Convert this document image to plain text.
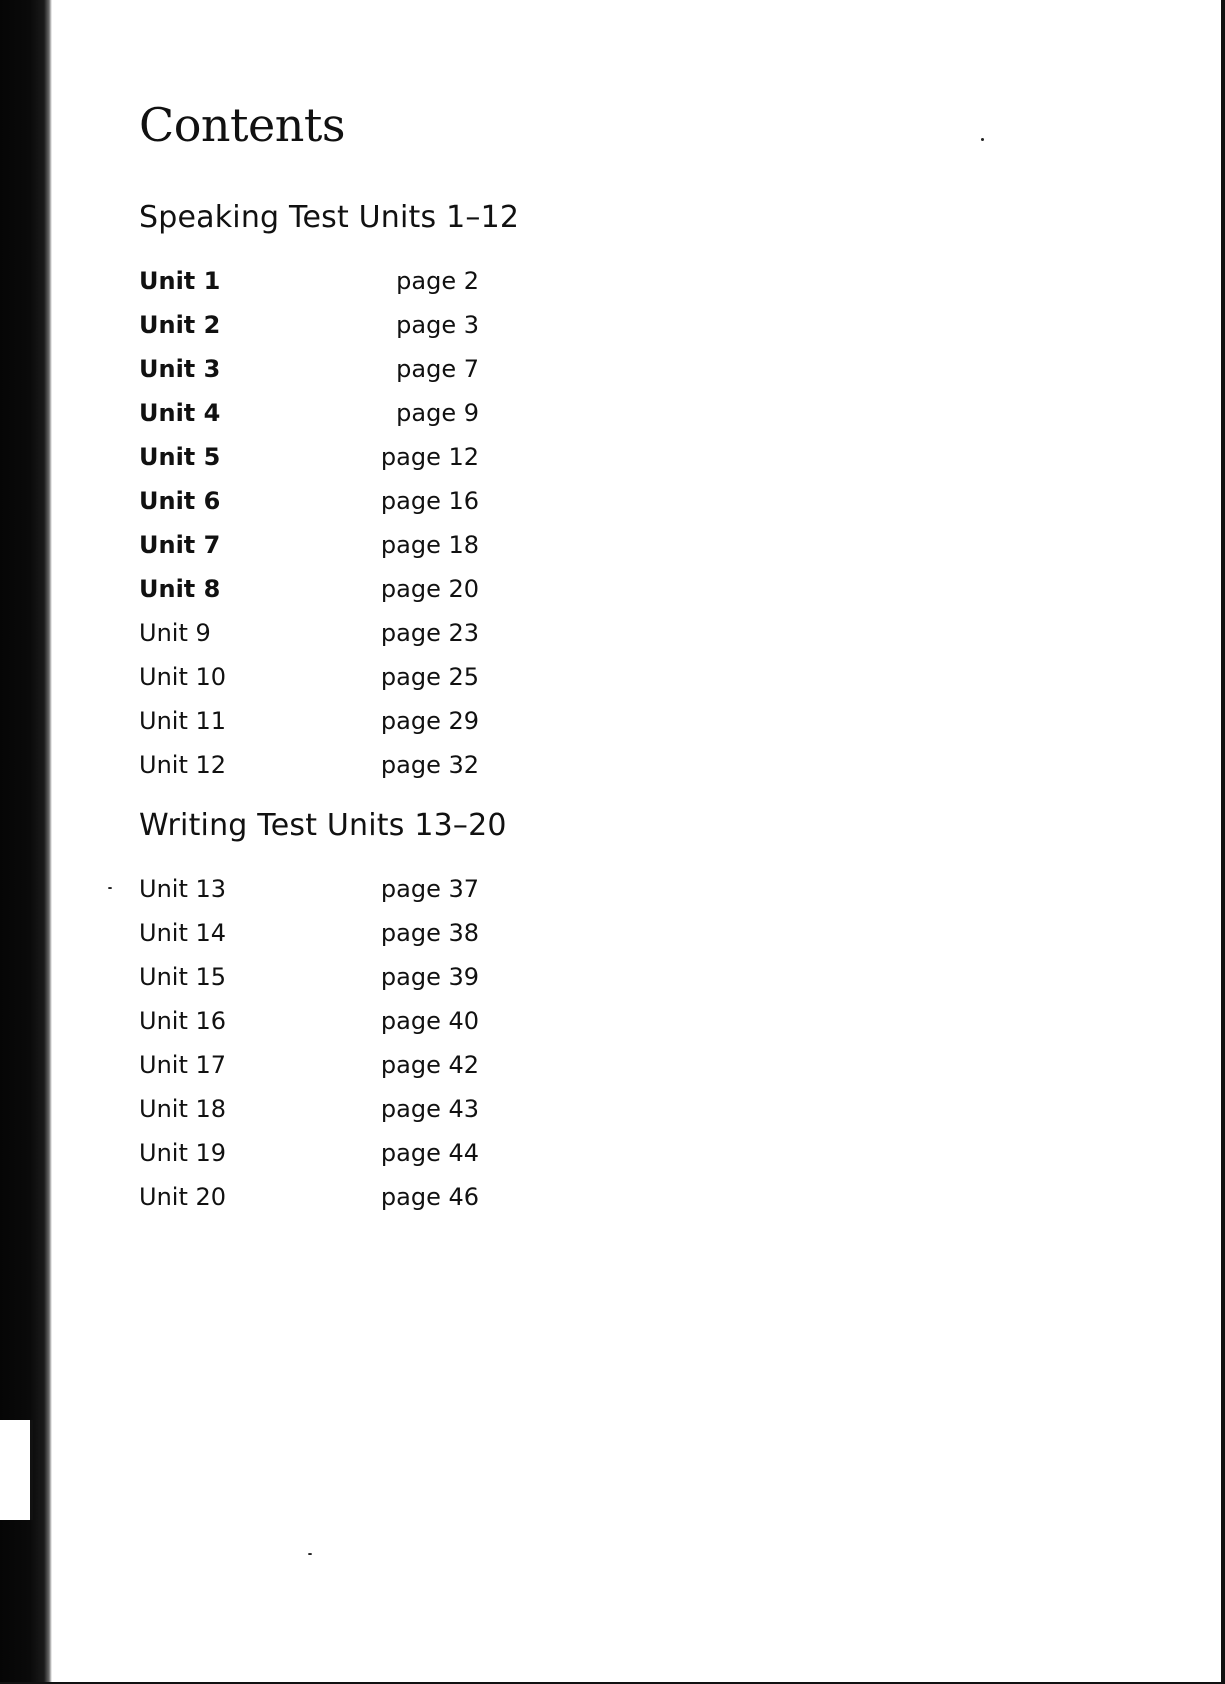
Contents
Speaking Test Units 1–12
Unit 1	page 2
Unit 2	page 3
Unit 3	page 7
Unit 4	page 9
Unit 5	page 12
Unit 6	page 16
Unit 7	page 18
Unit 8	page 20
Unit 9	page 23
Unit 10	page 25
Unit 11	page 29
Unit 12	page 32
Writing Test Units 13–20
Unit 13	page 37
Unit 14	page 38
Unit 15	page 39
Unit 16	page 40
Unit 17	page 42
Unit 18	page 43
Unit 19	page 44
Unit 20	page 46
